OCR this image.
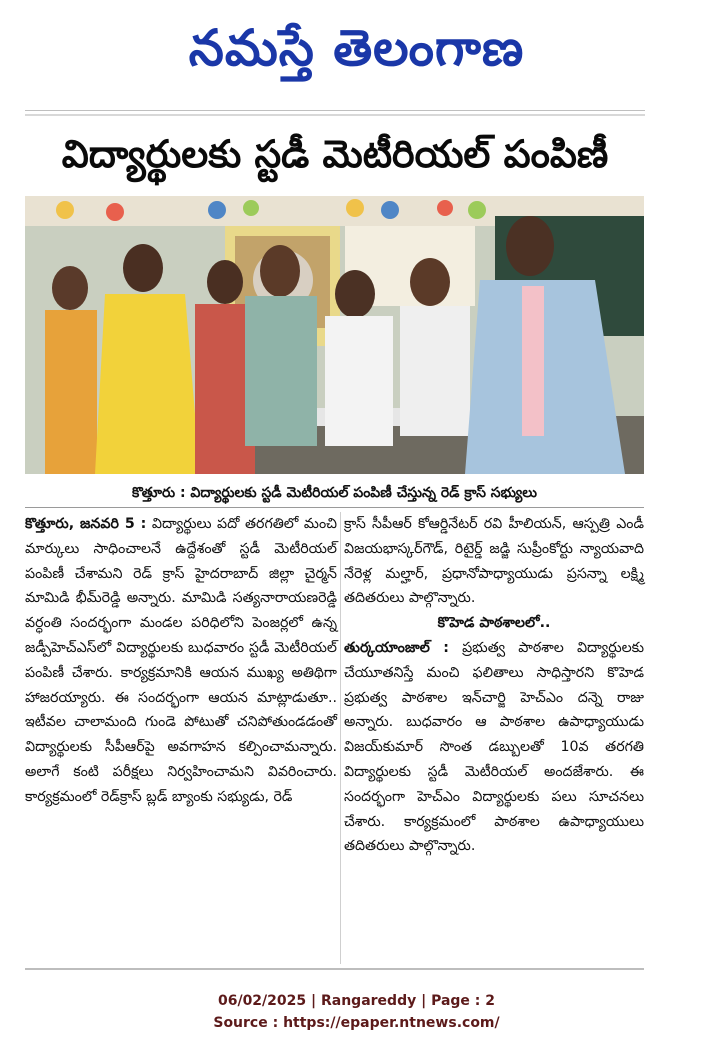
నమస్తే తెలంగాణ
విద్యార్థులకు స్టడీ మెటీరియల్ పంపిణీ
కొత్తూరు : విద్యార్థులకు స్టడీ మెటీరియల్ పంపిణీ చేస్తున్న రెడ్ క్రాస్ సభ్యులు

కొత్తూరు, జనవరి 5 : విద్యార్థులు పదో తరగతిలో మంచి మార్కులు సాధించాలనే ఉద్దేశంతో స్టడీ మెటీరియల్ పంపిణీ చేశామని రెడ్ క్రాస్ హైదరాబాద్ జిల్లా చైర్మన్ మామిడి భీమ్‌రెడ్డి అన్నారు. మామిడి సత్యనారాయణరెడ్డి వర్ధంతి సందర్భంగా మండల పరిధిలోని పెంజర్లలో ఉన్న జడ్పీహెచ్ఎస్‌లో విద్యార్థులకు బుధవారం స్టడీ మెటీరియల్ పంపిణీ చేశారు. కార్యక్రమానికి ఆయన ముఖ్య అతిథిగా హాజరయ్యారు. ఈ సందర్భంగా ఆయన మాట్లాడుతూ.. ఇటీవల చాలామంది గుండె పోటుతో చనిపోతుండడంతో విద్యార్థులకు సీపీఆర్‌పై అవగాహన కల్పించామన్నారు. అలాగే కంటి పరీక్షలు నిర్వహించామని వివరించారు. కార్యక్రమంలో రెడ్‌క్రాస్ బ్లడ్ బ్యాంకు సభ్యుడు, రెడ్

క్రాస్ సీపీఆర్ కోఆర్డినేటర్ రవి హీలియన్, ఆస్పత్రి ఎండీ విజయభాస్కర్‌గౌడ్, రిటైర్డ్ జడ్జి సుప్రీంకోర్టు న్యాయవాది నేరెళ్ల మల్హార్, ప్రధానోపాధ్యాయుడు ప్రసన్నా లక్ష్మి తదితరులు పాల్గొన్నారు.

కొహెడ పాఠశాలలో..

తుర్కయాంజాల్ : ప్రభుత్వ పాఠశాల విద్యార్థులకు చేయూతనిస్తే మంచి ఫలితాలు సాధిస్తారని కొహెడ ప్రభుత్వ పాఠశాల ఇన్‌చార్జి హెచ్ఎం దన్నె రాజు అన్నారు. బుధవారం ఆ పాఠశాల ఉపాధ్యాయుడు విజయ్‌కుమార్ సొంత డబ్బులతో 10వ తరగతి విద్యార్థులకు స్టడీ మెటీరియల్ అందజేశారు. ఈ సందర్భంగా హెచ్ఎం విద్యార్థులకు పలు సూచనలు చేశారు. కార్యక్రమంలో పాఠశాల ఉపాధ్యాయులు తదితరులు పాల్గొన్నారు.

06/02/2025 | Rangareddy | Page : 2
Source : https://epaper.ntnews.com/
